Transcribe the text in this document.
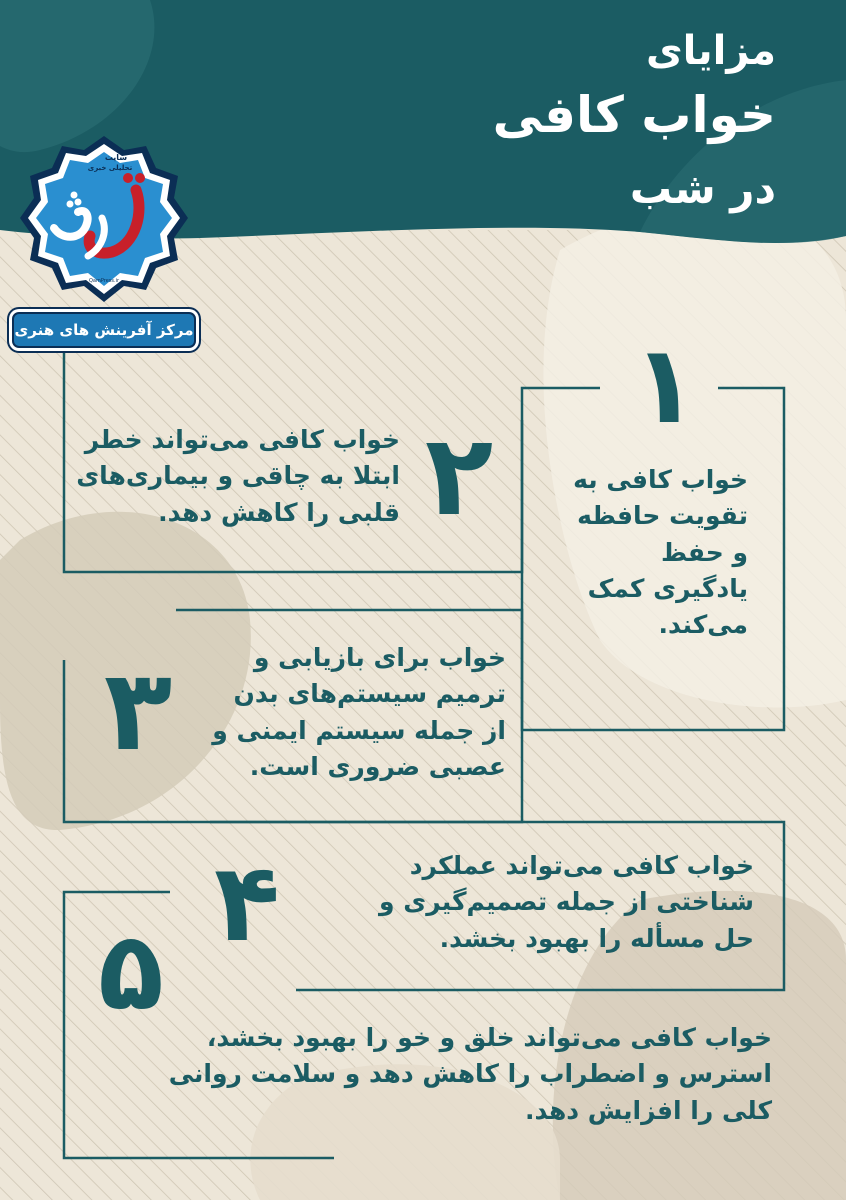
مزایای
خواب کافی
در شب
سایت
تحلیلی خبری
QamPress.ir
مرکز آفرینش های هنری	۱
خواب کافی به
تقویت حافظه
و حفظ
یادگیری کمک
می‌کند.
۲
خواب کافی می‌تواند خطر
ابتلا به چاقی و بیماری‌های
قلبی را کاهش دهد.
۳	خواب برای بازیابی و
ترمیم سیستم‌های بدن
از جمله سیستم ایمنی و
عصبی ضروری است.
۴	خواب کافی می‌تواند عملکرد
شناختی از جمله تصمیم‌گیری و
حل مسأله را بهبود بخشد.
۵
خواب کافی می‌تواند خلق و خو را بهبود بخشد،
استرس و اضطراب را کاهش دهد و سلامت روانی
کلی را افزایش دهد.
